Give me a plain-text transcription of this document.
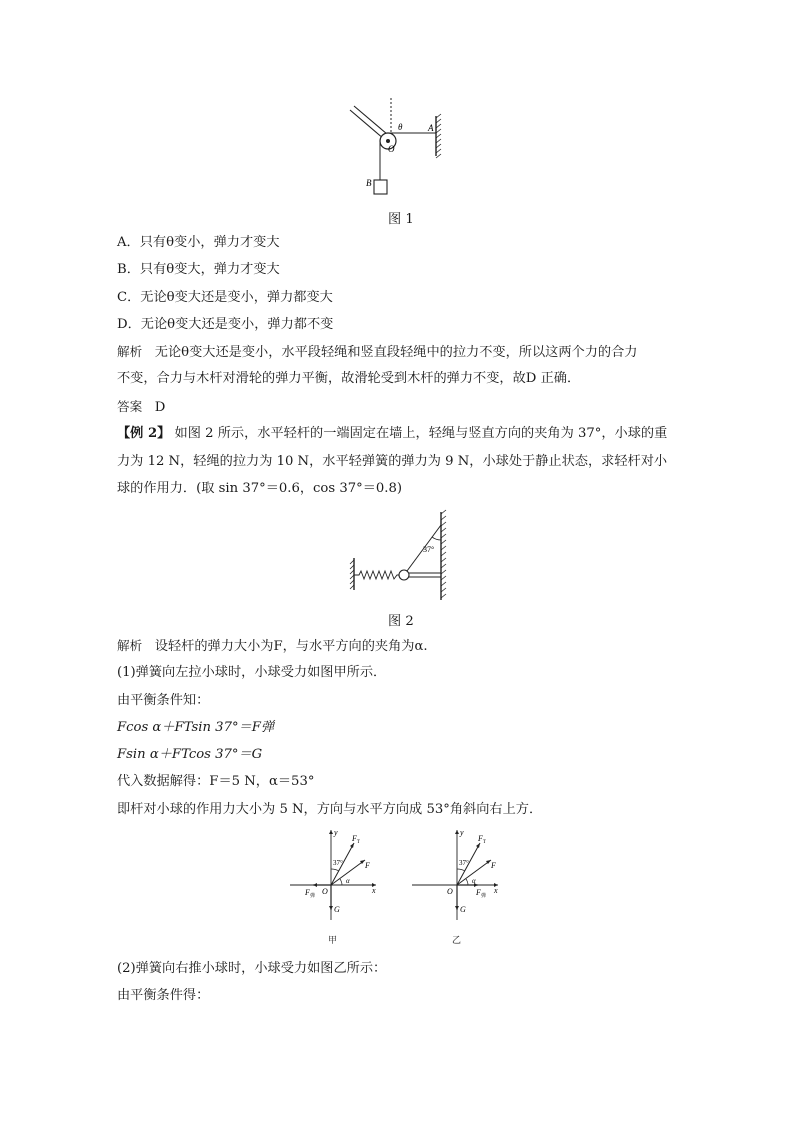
θ
O
A
B
图 1
A．只有θ变小，弹力才变大
B．只有θ变大，弹力才变大
C．无论θ变大还是变小，弹力都变大
D．无论θ变大还是变小，弹力都不变
解析 无论θ变大还是变小，水平段轻绳和竖直段轻绳中的拉力不变，所以这两个力的合力
不变，合力与木杆对滑轮的弹力平衡，故滑轮受到木杆的弹力不变，故D 正确．
答案 D
【例 2】 如图 2 所示，水平轻杆的一端固定在墙上，轻绳与竖直方向的夹角为 37°，小球的重
力为 12 N，轻绳的拉力为 10 N，水平轻弹簧的弹力为 9 N，小球处于静止状态，求轻杆对小
球的作用力．(取 sin 37°＝0.6，cos 37°＝0.8)
37°
图 2
解析 设轻杆的弹力大小为F，与水平方向的夹角为α.
(1)弹簧向左拉小球时，小球受力如图甲所示．
由平衡条件知：
Fcos α＋FTsin 37°＝F弹
Fsin α＋FTcos 37°＝G
代入数据解得：F＝5 N，α＝53°
即杆对小球的作用力大小为 5 N，方向与水平方向成 53°角斜向右上方．
y
x
O
$F_T$
F
37°
α
$F_弹$
G
甲
y
x
O
$F_T$
F
37°
α
$F_弹$
G
乙
(2)弹簧向右推小球时，小球受力如图乙所示：
由平衡条件得：
